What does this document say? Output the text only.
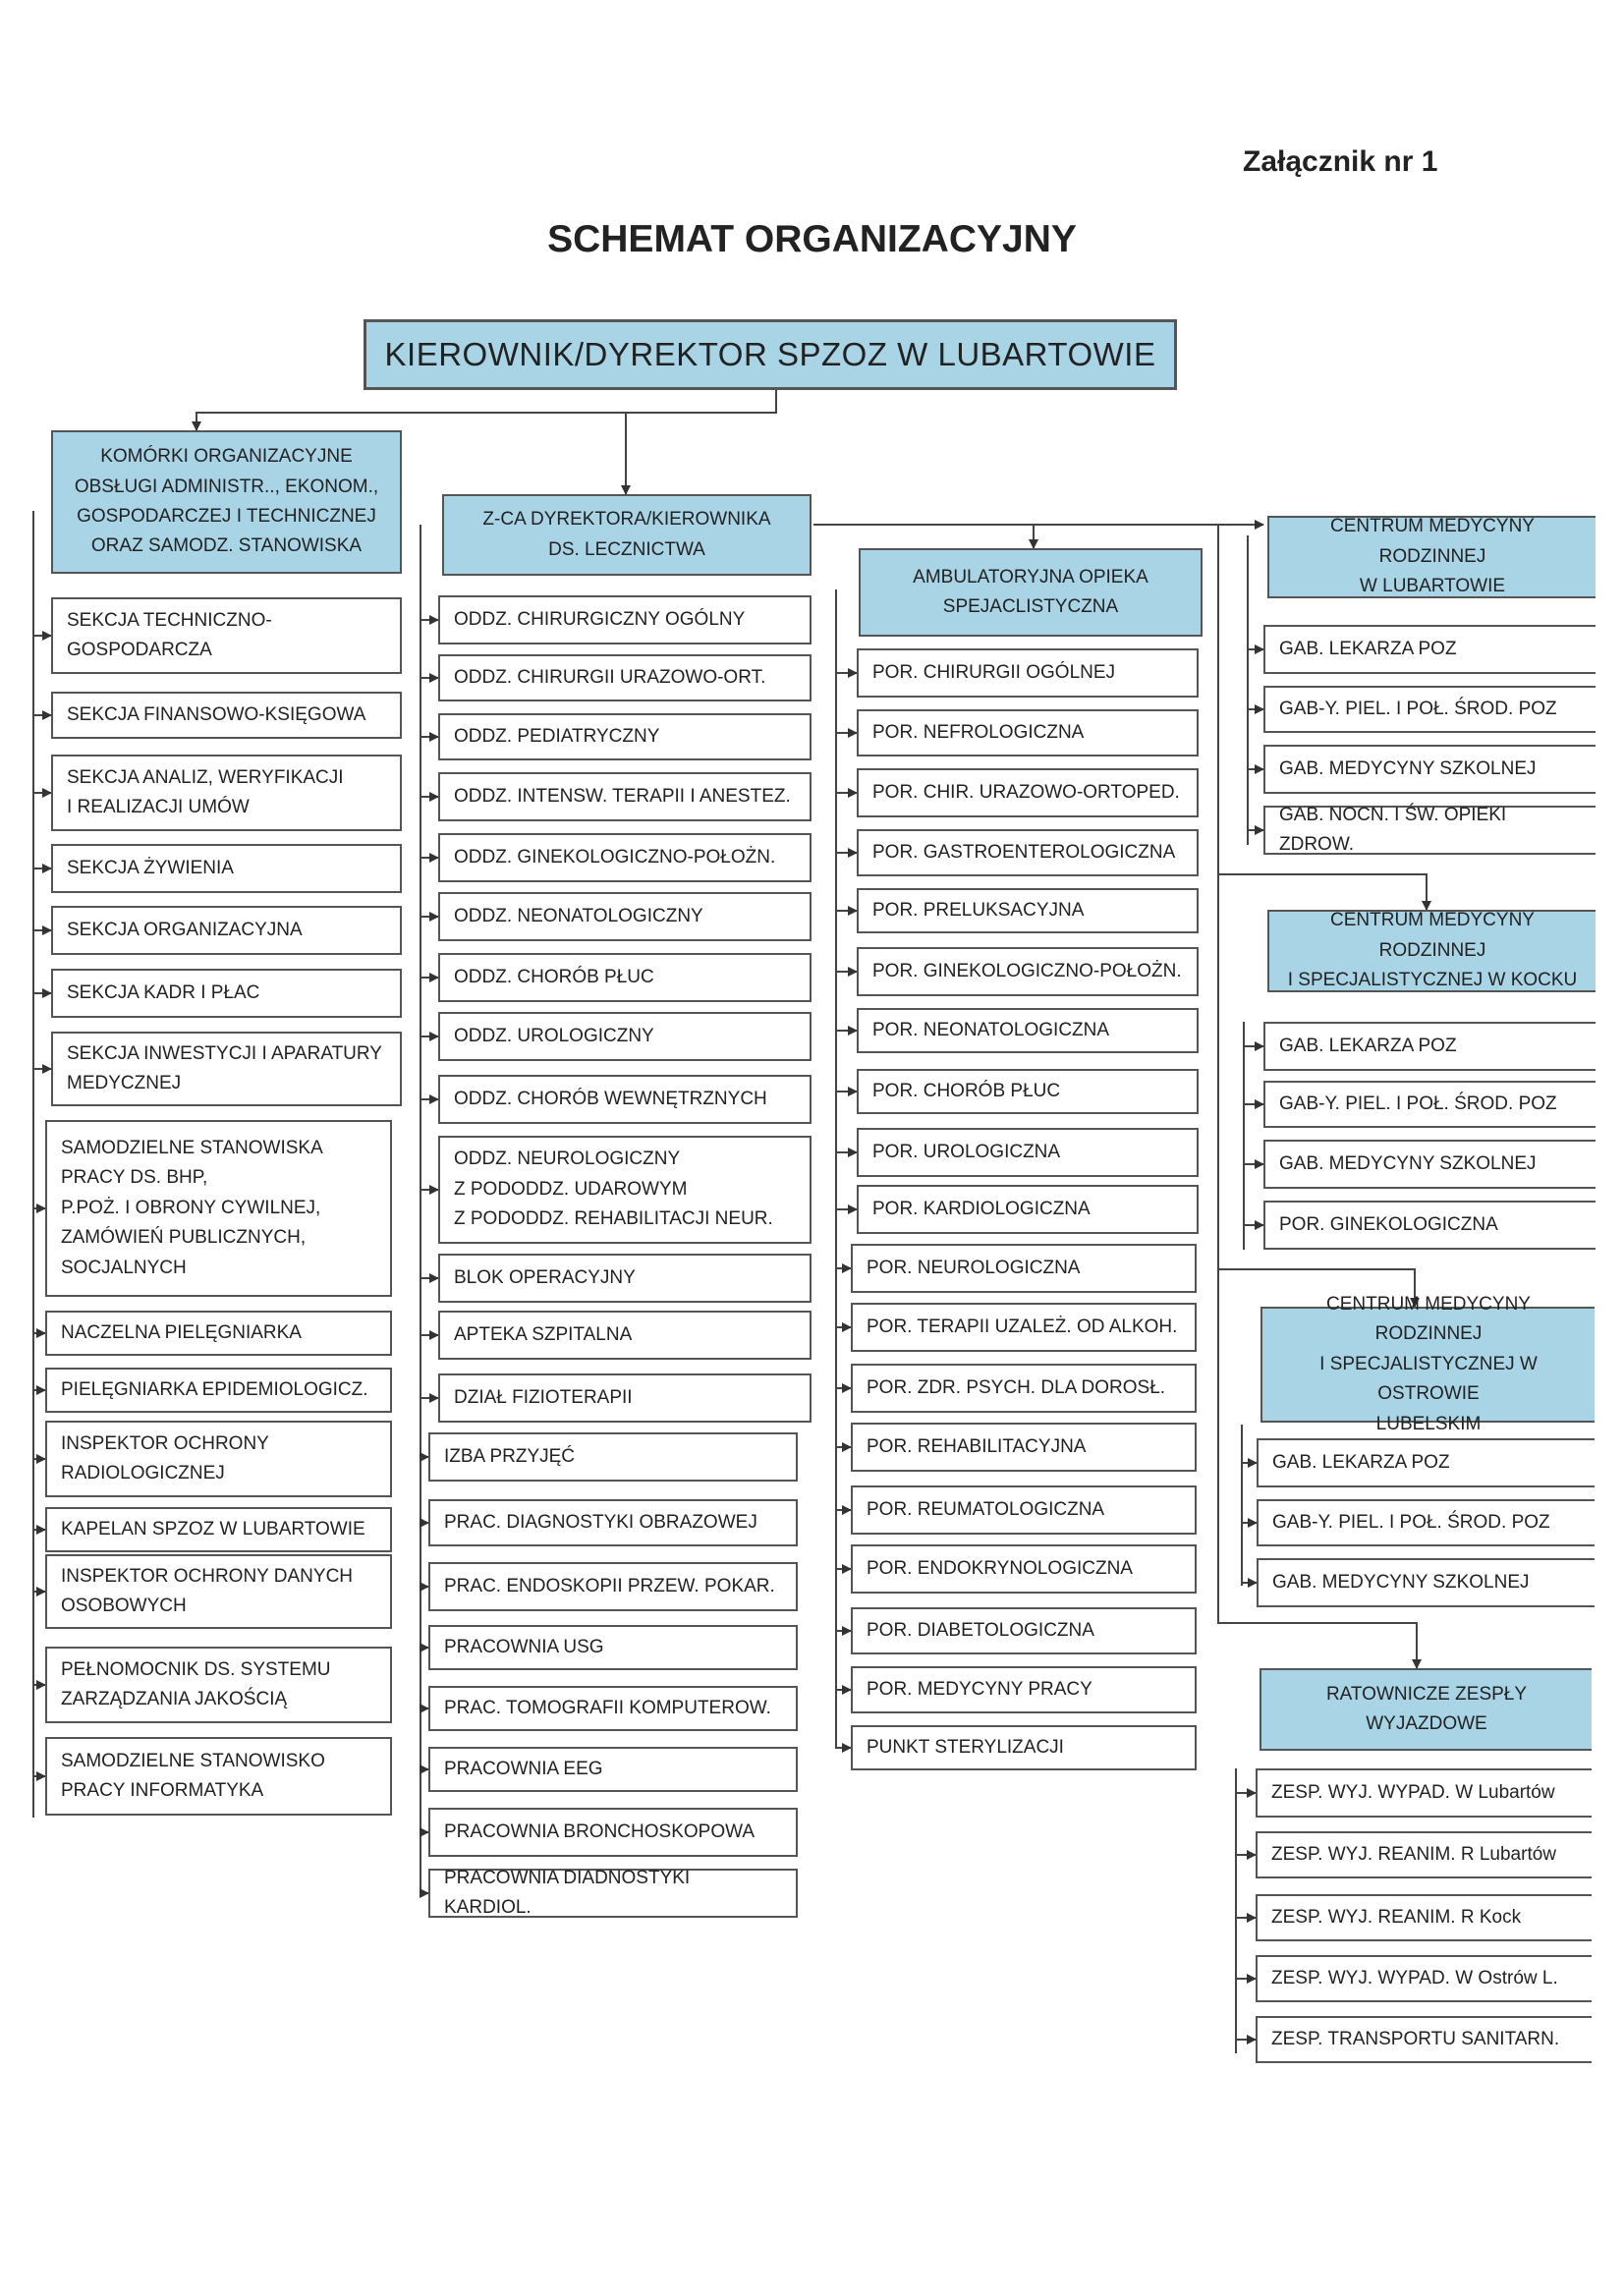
Załącznik nr 1
SCHEMAT ORGANIZACYJNY
KIEROWNIK/DYREKTOR SPZOZ W LUBARTOWIE
KOMÓRKI ORGANIZACYJNE
OBSŁUGI ADMINISTR.., EKONOM.,
GOSPODARCZEJ I TECHNICZNEJ
ORAZ SAMODZ. STANOWISKA
SEKCJA TECHNICZNO-
GOSPODARCZA
SEKCJA FINANSOWO-KSIĘGOWA
SEKCJA ANALIZ, WERYFIKACJI
I REALIZACJI UMÓW
SEKCJA ŻYWIENIA
SEKCJA ORGANIZACYJNA
SEKCJA KADR I PŁAC
SEKCJA INWESTYCJI I APARATURY
MEDYCZNEJ
SAMODZIELNE STANOWISKA
PRACY DS. BHP,
P.POŻ. I OBRONY CYWILNEJ,
ZAMÓWIEŃ PUBLICZNYCH,
SOCJALNYCH
NACZELNA PIELĘGNIARKA
PIELĘGNIARKA EPIDEMIOLOGICZ.
INSPEKTOR OCHRONY
RADIOLOGICZNEJ
KAPELAN SPZOZ W LUBARTOWIE
INSPEKTOR OCHRONY DANYCH
OSOBOWYCH
PEŁNOMOCNIK DS. SYSTEMU
ZARZĄDZANIA JAKOŚCIĄ
SAMODZIELNE STANOWISKO
PRACY INFORMATYKA
Z-CA DYREKTORA/KIEROWNIKA
DS. LECZNICTWA
ODDZ. CHIRURGICZNY OGÓLNY
ODDZ. CHIRURGII URAZOWO-ORT.
ODDZ. PEDIATRYCZNY
ODDZ. INTENSW. TERAPII I ANESTEZ.
ODDZ. GINEKOLOGICZNO-POŁOŻN.
ODDZ. NEONATOLOGICZNY
ODDZ. CHORÓB PŁUC
ODDZ. UROLOGICZNY
ODDZ. CHORÓB WEWNĘTRZNYCH
ODDZ. NEUROLOGICZNY
Z PODODDZ. UDAROWYM
Z PODODDZ. REHABILITACJI NEUR.
BLOK OPERACYJNY
APTEKA SZPITALNA
DZIAŁ FIZIOTERAPII
IZBA PRZYJĘĆ
PRAC. DIAGNOSTYKI OBRAZOWEJ
PRAC. ENDOSKOPII PRZEW. POKAR.
PRACOWNIA USG
PRAC. TOMOGRAFII KOMPUTEROW.
PRACOWNIA EEG
PRACOWNIA BRONCHOSKOPOWA
PRACOWNIA DIADNOSTYKI KARDIOL.
AMBULATORYJNA OPIEKA
SPEJACLISTYCZNA
POR. CHIRURGII OGÓLNEJ
POR. NEFROLOGICZNA
POR. CHIR. URAZOWO-ORTOPED.
POR. GASTROENTEROLOGICZNA
POR. PRELUKSACYJNA
POR. GINEKOLOGICZNO-POŁOŻN.
POR. NEONATOLOGICZNA
POR. CHORÓB PŁUC
POR. UROLOGICZNA
POR. KARDIOLOGICZNA
POR. NEUROLOGICZNA
POR. TERAPII UZALEŻ. OD ALKOH.
POR. ZDR. PSYCH. DLA DOROSŁ.
POR. REHABILITACYJNA
POR. REUMATOLOGICZNA
POR. ENDOKRYNOLOGICZNA
POR. DIABETOLOGICZNA
POR. MEDYCYNY PRACY
PUNKT STERYLIZACJI
CENTRUM MEDYCYNY RODZINNEJ
W LUBARTOWIE
GAB. LEKARZA POZ
GAB-Y. PIEL. I POŁ. ŚROD. POZ
GAB. MEDYCYNY SZKOLNEJ
GAB. NOCN. I ŚW. OPIEKI ZDROW.
CENTRUM MEDYCYNY RODZINNEJ
I SPECJALISTYCZNEJ W KOCKU
GAB. LEKARZA POZ
GAB-Y. PIEL. I POŁ. ŚROD. POZ
GAB. MEDYCYNY SZKOLNEJ
POR. GINEKOLOGICZNA
CENTRUM MEDYCYNY RODZINNEJ
I SPECJALISTYCZNEJ W OSTROWIE
LUBELSKIM
GAB. LEKARZA POZ
GAB-Y. PIEL. I POŁ. ŚROD. POZ
GAB. MEDYCYNY SZKOLNEJ
RATOWNICZE ZESPŁY
WYJAZDOWE
ZESP. WYJ. WYPAD. W Lubartów
ZESP. WYJ. REANIM. R Lubartów
ZESP. WYJ. REANIM. R Kock
ZESP. WYJ. WYPAD. W Ostrów L.
ZESP. TRANSPORTU SANITARN.
